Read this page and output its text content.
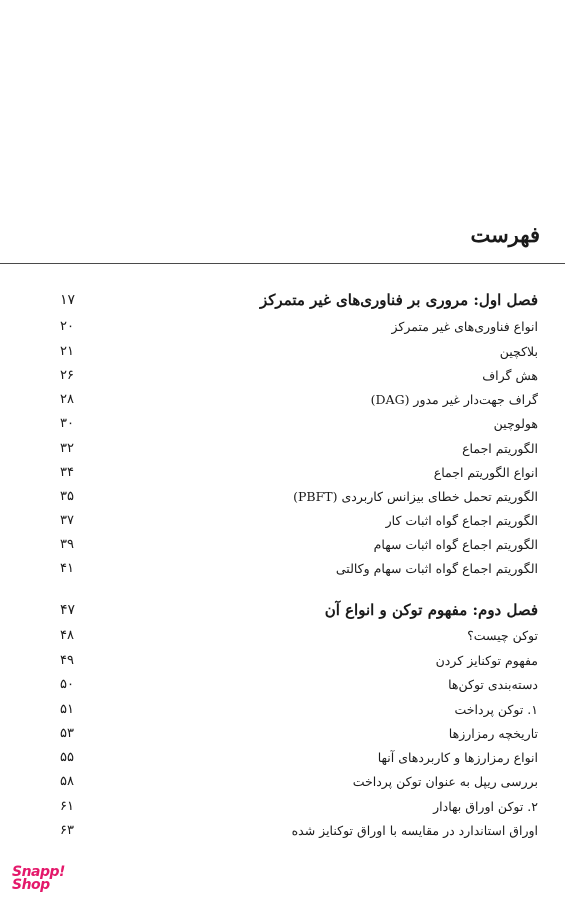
فهرست
فصل اول: مروری بر فناوری‌های غیر متمرکز
۱۷
انواع فناوری‌های غیر متمرکز
۲۰
بلاکچین
۲۱
هش گراف
۲۶
گراف جهت‌دار غیر مدور (DAG)
۲۸
هولوچین
۳۰
الگوریتم اجماع
۳۲
انواع الگوریتم اجماع
۳۴
الگوریتم تحمل خطای بیزانس کاربردی (PBFT)
۳۵
الگوریتم اجماع گواه اثبات کار
۳۷
الگوریتم اجماع گواه اثبات سهام
۳۹
الگوریتم اجماع گواه اثبات سهام وکالتی
۴۱
فصل دوم: مفهوم توکن و انواع آن
۴۷
توکن چیست؟
۴۸
مفهوم توکنایز کردن
۴۹
دسته‌بندی توکن‌ها
۵۰
۱. توکن پرداخت
۵۱
تاریخچه رمزارزها
۵۳
انواع رمزارزها و کاربردهای آنها
۵۵
بررسی ریپل به عنوان توکن پرداخت
۵۸
۲. توکن اوراق بهادار
۶۱
اوراق استاندارد در مقایسه با اوراق توکنایز شده
۶۳
Snapp!
Shop
